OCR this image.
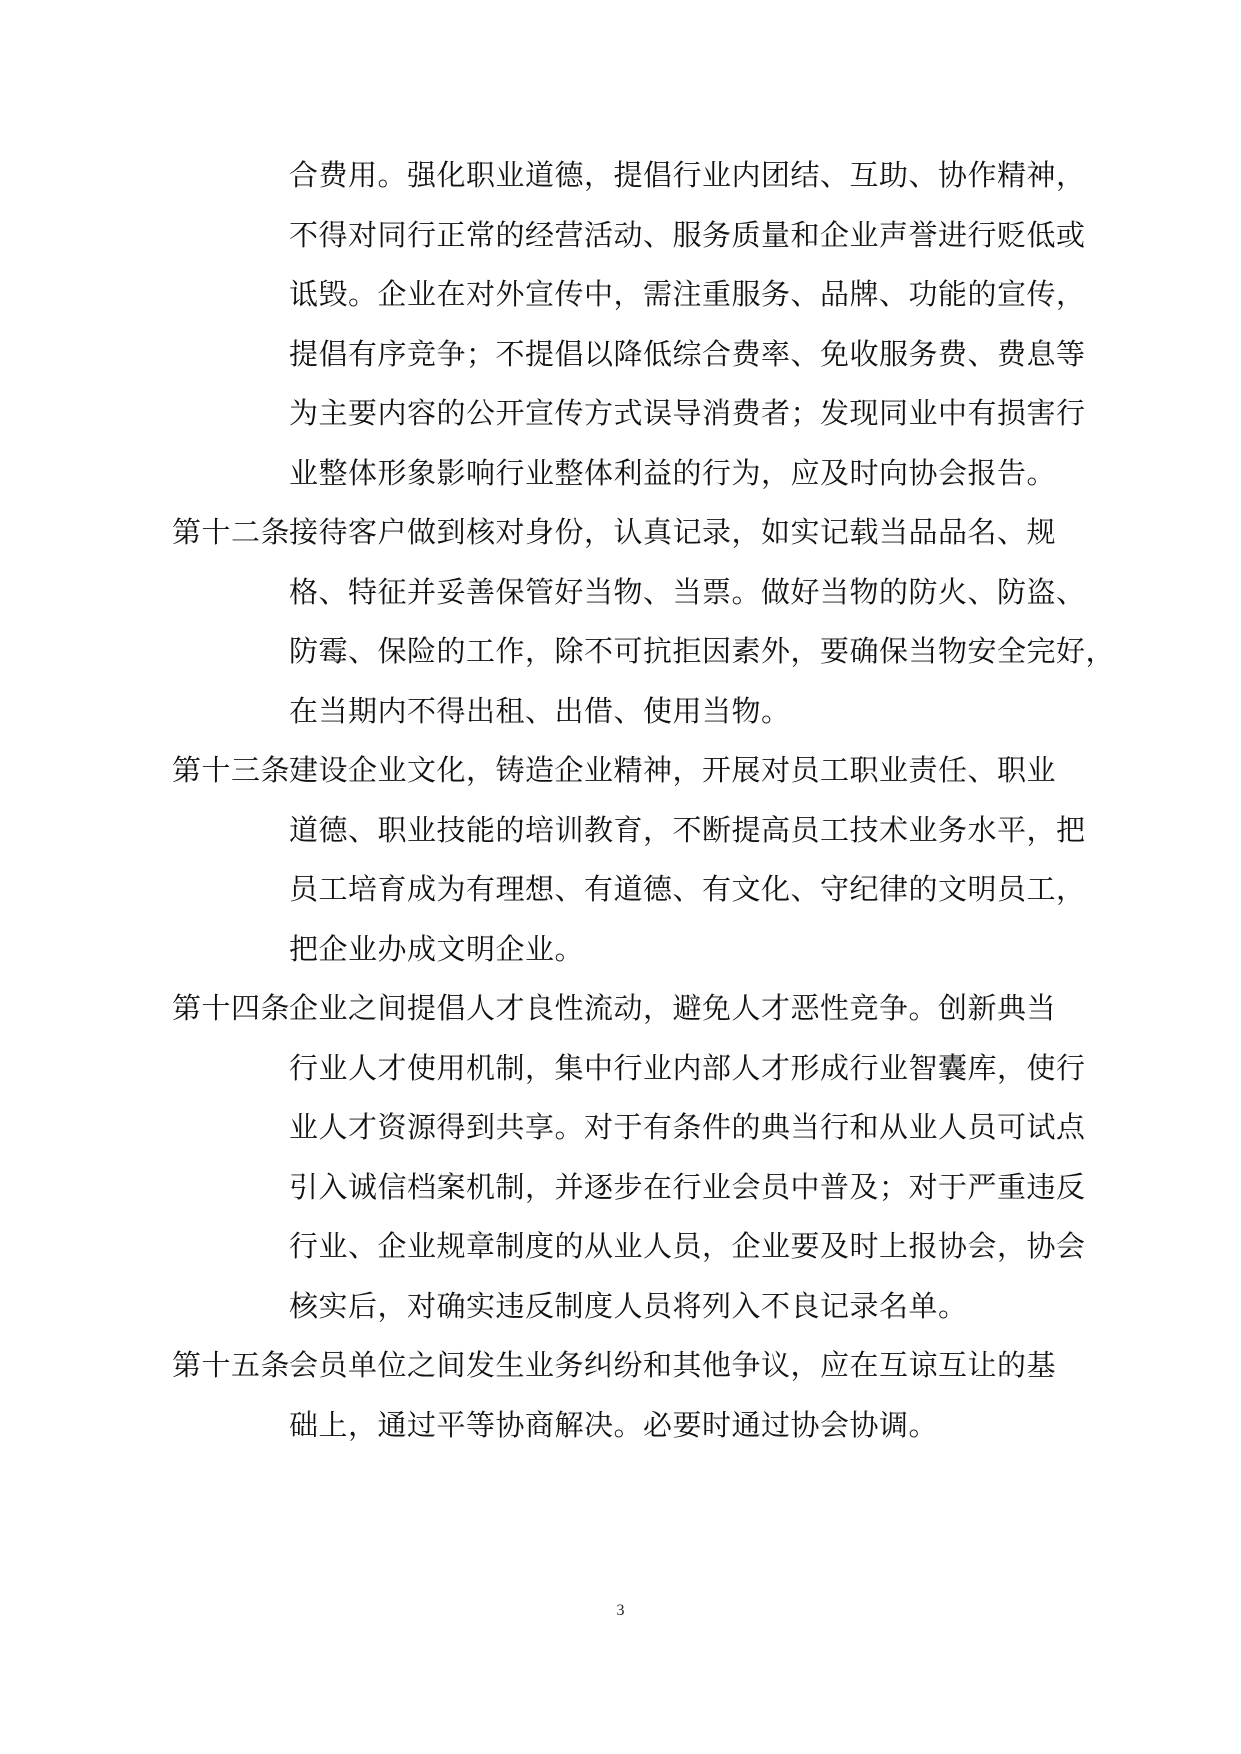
合费用。强化职业道德，提倡行业内团结、互助、协作精神，
不得对同行正常的经营活动、服务质量和企业声誉进行贬低或
诋毁。企业在对外宣传中，需注重服务、品牌、功能的宣传，
提倡有序竞争；不提倡以降低综合费率、免收服务费、费息等
为主要内容的公开宣传方式误导消费者；发现同业中有损害行
业整体形象影响行业整体利益的行为，应及时向协会报告。
第十二条接待客户做到核对身份，认真记录，如实记载当品品名、规
格、特征并妥善保管好当物、当票。做好当物的防火、防盗、
防霉、保险的工作，除不可抗拒因素外，要确保当物安全完好，
在当期内不得出租、出借、使用当物。
第十三条建设企业文化，铸造企业精神，开展对员工职业责任、职业
道德、职业技能的培训教育，不断提高员工技术业务水平，把
员工培育成为有理想、有道德、有文化、守纪律的文明员工，
把企业办成文明企业。
第十四条企业之间提倡人才良性流动，避免人才恶性竞争。创新典当
行业人才使用机制，集中行业内部人才形成行业智囊库，使行
业人才资源得到共享。对于有条件的典当行和从业人员可试点
引入诚信档案机制，并逐步在行业会员中普及；对于严重违反
行业、企业规章制度的从业人员，企业要及时上报协会，协会
核实后，对确实违反制度人员将列入不良记录名单。
第十五条会员单位之间发生业务纠纷和其他争议，应在互谅互让的基
础上，通过平等协商解决。必要时通过协会协调。
3
